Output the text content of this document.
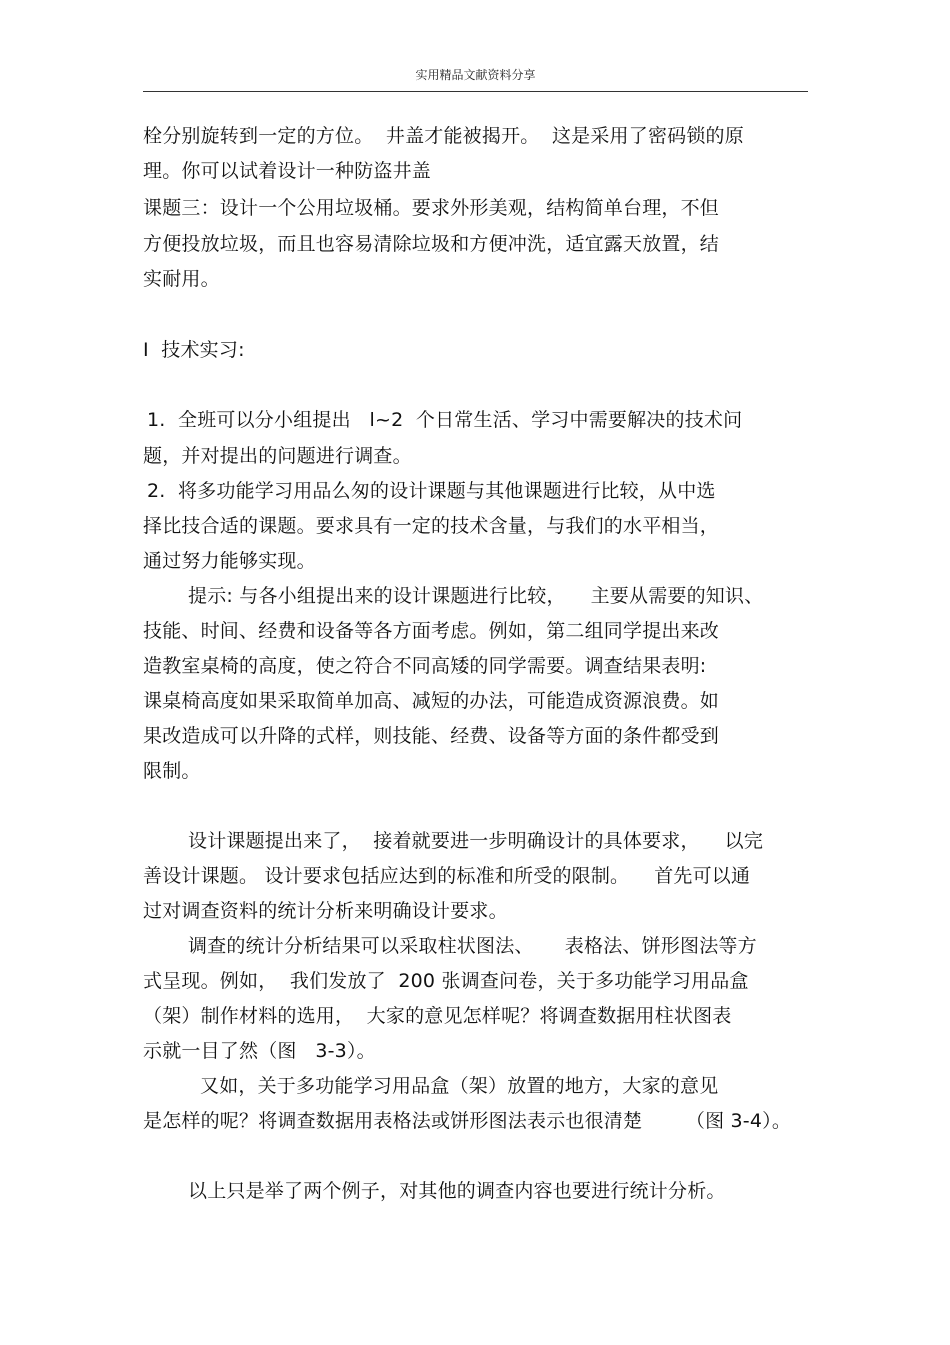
实用精品文献资料分享
栓分别旋转到一定的方位。  井盖才能被揭开。  这是采用了密码锁的原
理。你可以试着设计一种防盗井盖
课题三：设计一个公用垃圾桶。要求外形美观，结构简单台理，不但
方便投放垃圾，而且也容易清除垃圾和方便冲洗，适宜露天放置，结
实耐用。
I  技术实习:
1.  全班可以分小组提出   l~2  个日常生活、学习中需要解决的技术问
题，并对提出的问题进行调查。
2.  将多功能学习用品么匆的设计课题与其他课题进行比较，从中选
择比技合适的课题。要求具有一定的技术含量，与我们的水平相当，
通过努力能够实现。
提示: 与各小组提出来的设计课题进行比较，    主要从需要的知识、
技能、时间、经费和设备等各方面考虑。例如，第二组同学提出来改
造教室桌椅的高度，使之符合不同高矮的同学需要。调查结果表明:
课桌椅高度如果采取简单加高、减短的办法，可能造成资源浪费。如
果改造成可以升降的式样，则技能、经费、设备等方面的条件都受到
限制。
设计课题提出来了，  接着就要进一步明确设计的具体要求，    以完
善设计课题。 设计要求包括应达到的标准和所受的限制。    首先可以通
过对调查资料的统计分析来明确设计要求。
调查的统计分析结果可以采取柱状图法、     表格法、饼形图法等方
式呈现。例如，  我们发放了  200 张调查问卷，关于多功能学习用品盒
（架）制作材料的选用，  大家的意见怎样呢？将调查数据用柱状图表
示就一目了然（图   3-3）。
又如，关于多功能学习用品盒（架）放置的地方，大家的意见
是怎样的呢？将调查数据用表格法或饼形图法表示也很清楚       （图 3-4）。
以上只是举了两个例子，对其他的调查内容也要进行统计分析。
